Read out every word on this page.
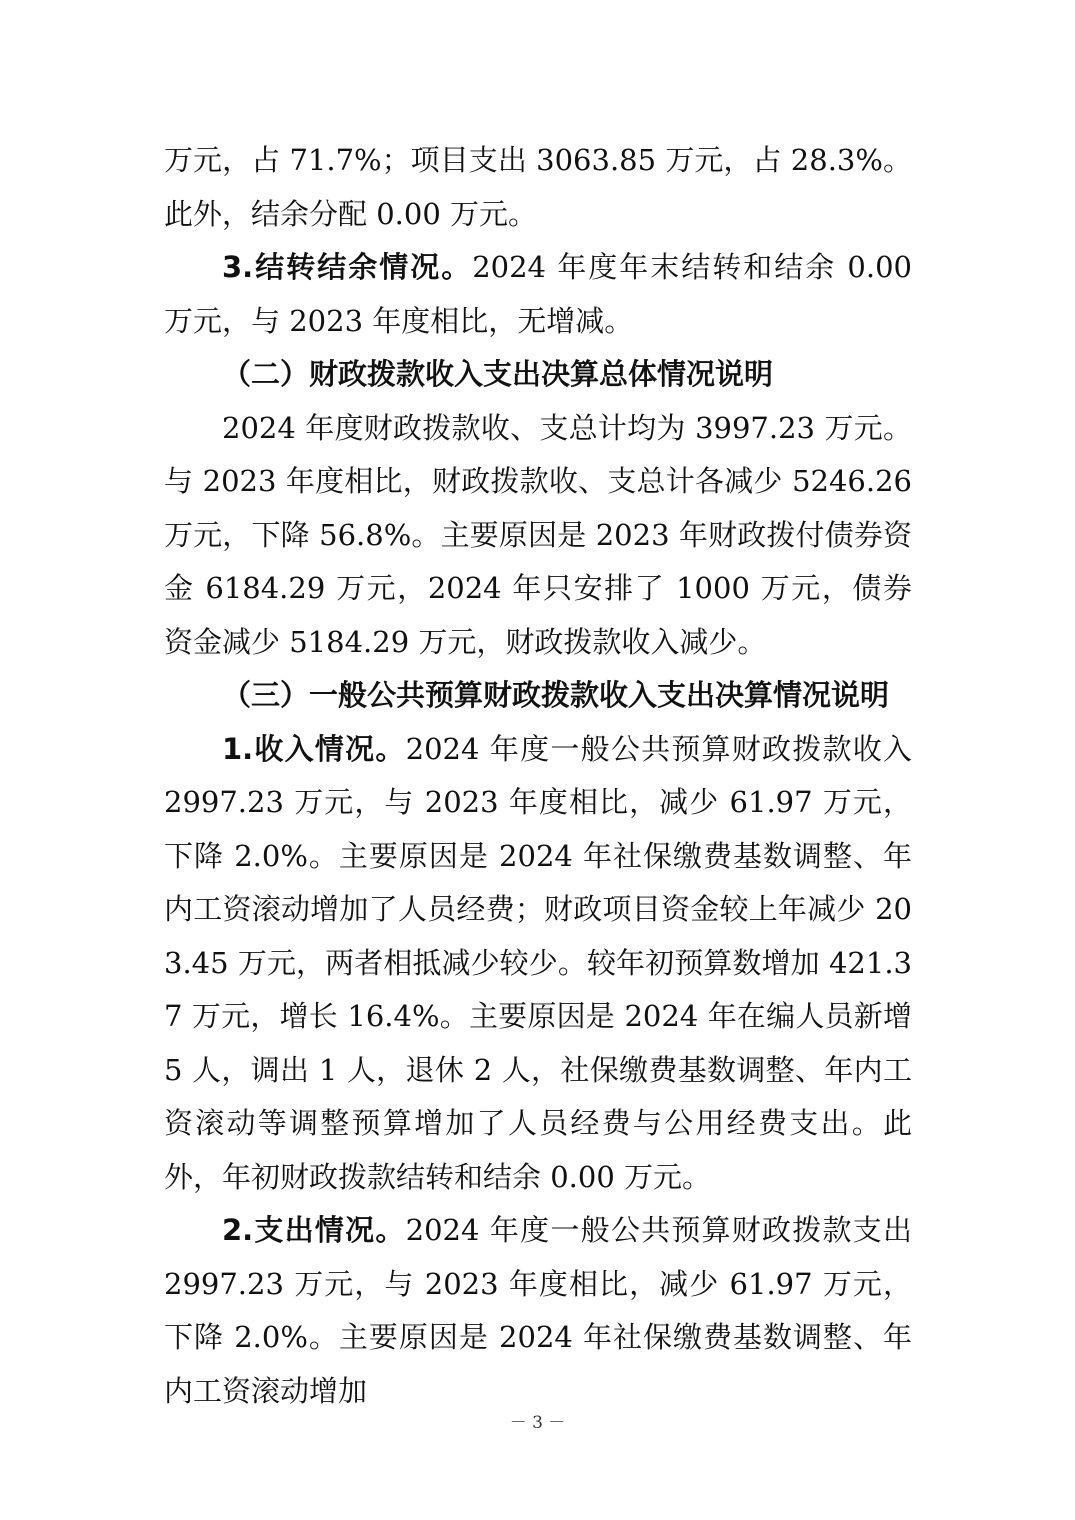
万元，占 71.7%；项目支出 3063.85 万元，占 28.3%。此外，结余分配 0.00 万元。

3.结转结余情况。2024 年度年末结转和结余 0.00 万元，与 2023 年度相比，无增减。

（二）财政拨款收入支出决算总体情况说明

2024 年度财政拨款收、支总计均为 3997.23 万元。与 2023 年度相比，财政拨款收、支总计各减少 5246.26 万元，下降 56.8%。主要原因是 2023 年财政拨付债券资金 6184.29 万元，2024 年只安排了 1000 万元，债券资金减少 5184.29 万元，财政拨款收入减少。

（三）一般公共预算财政拨款收入支出决算情况说明

1.收入情况。2024 年度一般公共预算财政拨款收入 2997.23 万元，与 2023 年度相比，减少 61.97 万元，下降 2.0%。主要原因是 2024 年社保缴费基数调整、年内工资滚动增加了人员经费；财政项目资金较上年减少 203.45 万元，两者相抵减少较少。较年初预算数增加 421.37 万元，增长 16.4%。主要原因是 2024 年在编人员新增 5 人，调出 1 人，退休 2 人，社保缴费基数调整、年内工资滚动等调整预算增加了人员经费与公用经费支出。此外，年初财政拨款结转和结余 0.00 万元。

2.支出情况。2024 年度一般公共预算财政拨款支出 2997.23 万元，与 2023 年度相比，减少 61.97 万元，下降 2.0%。主要原因是 2024 年社保缴费基数调整、年内工资滚动增加

－ 3 －
